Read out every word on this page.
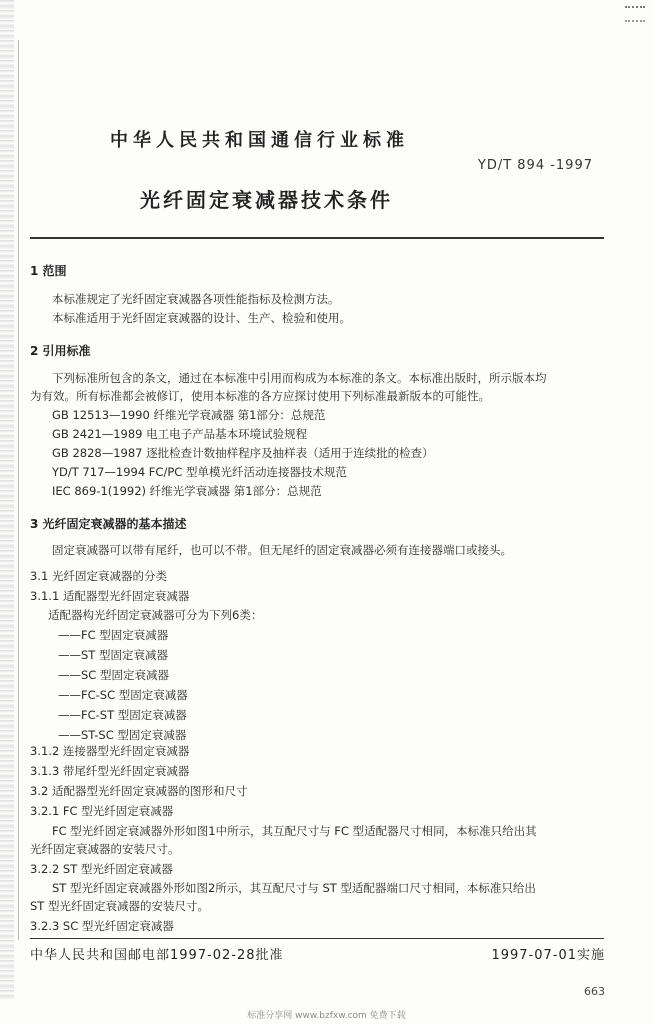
中华人民共和国通信行业标准
YD/T 894 -1997
光纤固定衰减器技术条件
1 范围
本标准规定了光纤固定衰减器各项性能指标及检测方法。
本标准适用于光纤固定衰减器的设计、生产、检验和使用。
2 引用标准
下列标准所包含的条文，通过在本标准中引用而构成为本标准的条文。本标准出版时，所示版本均
为有效。所有标准都会被修订，使用本标准的各方应探讨使用下列标准最新版本的可能性。
GB 12513—1990 纤维光学衰减器 第1部分：总规范
GB 2421—1989 电工电子产品基本环境试验规程
GB 2828—1987 逐批检查计数抽样程序及抽样表（适用于连续批的检查）
YD/T 717—1994 FC/PC 型单模光纤活动连接器技术规范
IEC 869-1(1992) 纤维光学衰减器 第1部分：总规范
3 光纤固定衰减器的基本描述
固定衰减器可以带有尾纤，也可以不带。但无尾纤的固定衰减器必须有连接器端口或接头。
3.1 光纤固定衰减器的分类
3.1.1 适配器型光纤固定衰减器
适配器构光纤固定衰减器可分为下列6类：
——FC 型固定衰减器
——ST 型固定衰减器
——SC 型固定衰减器
——FC-SC 型固定衰减器
——FC-ST 型固定衰减器
——ST-SC 型固定衰减器
3.1.2 连接器型光纤固定衰减器
3.1.3 带尾纤型光纤固定衰减器
3.2 适配器型光纤固定衰减器的图形和尺寸
3.2.1 FC 型光纤固定衰减器
FC 型光纤固定衰减器外形如图1中所示，其互配尺寸与 FC 型适配器尺寸相同，本标准只给出其
光纤固定衰减器的安装尺寸。
3.2.2 ST 型光纤固定衰减器
ST 型光纤固定衰减器外形如图2所示，其互配尺寸与 ST 型适配器端口尺寸相同，本标准只给出
ST 型光纤固定衰减器的安装尺寸。
3.2.3 SC 型光纤固定衰减器
中华人民共和国邮电部1997-02-28批准	1997-07-01实施
663
标准分享网 www.bzfxw.com 免费下载
